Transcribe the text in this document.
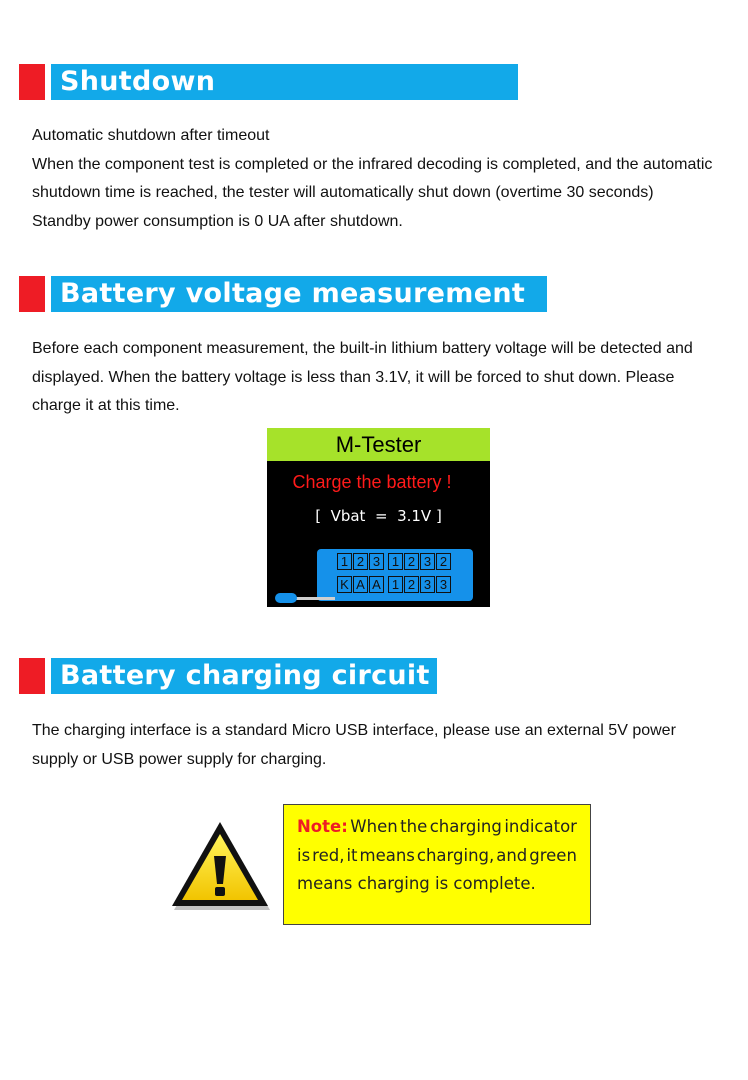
Shutdown
Automatic shutdown after timeout
When the component test is completed or the infrared decoding is completed, and the automatic
shutdown time is reached, the tester will automatically shut down (overtime 30 seconds)
Standby power consumption is 0 UA after shutdown.
Battery voltage measurement
Before each component measurement, the built-in lithium battery voltage will be detected and
displayed. When the battery voltage is less than 3.1V, it will be forced to shut down. Please
charge it at this time.
M-Tester
Charge the battery !
[  Vbat  =  3.1V ]
1 2 3 1 2 3 2
K A A 1 2 3 3
Battery charging circuit
The charging interface is a standard Micro USB interface, please use an external 5V power
supply or USB power supply for charging.
Note: When the charging indicator
is red, it means charging, and green
means charging is complete.
